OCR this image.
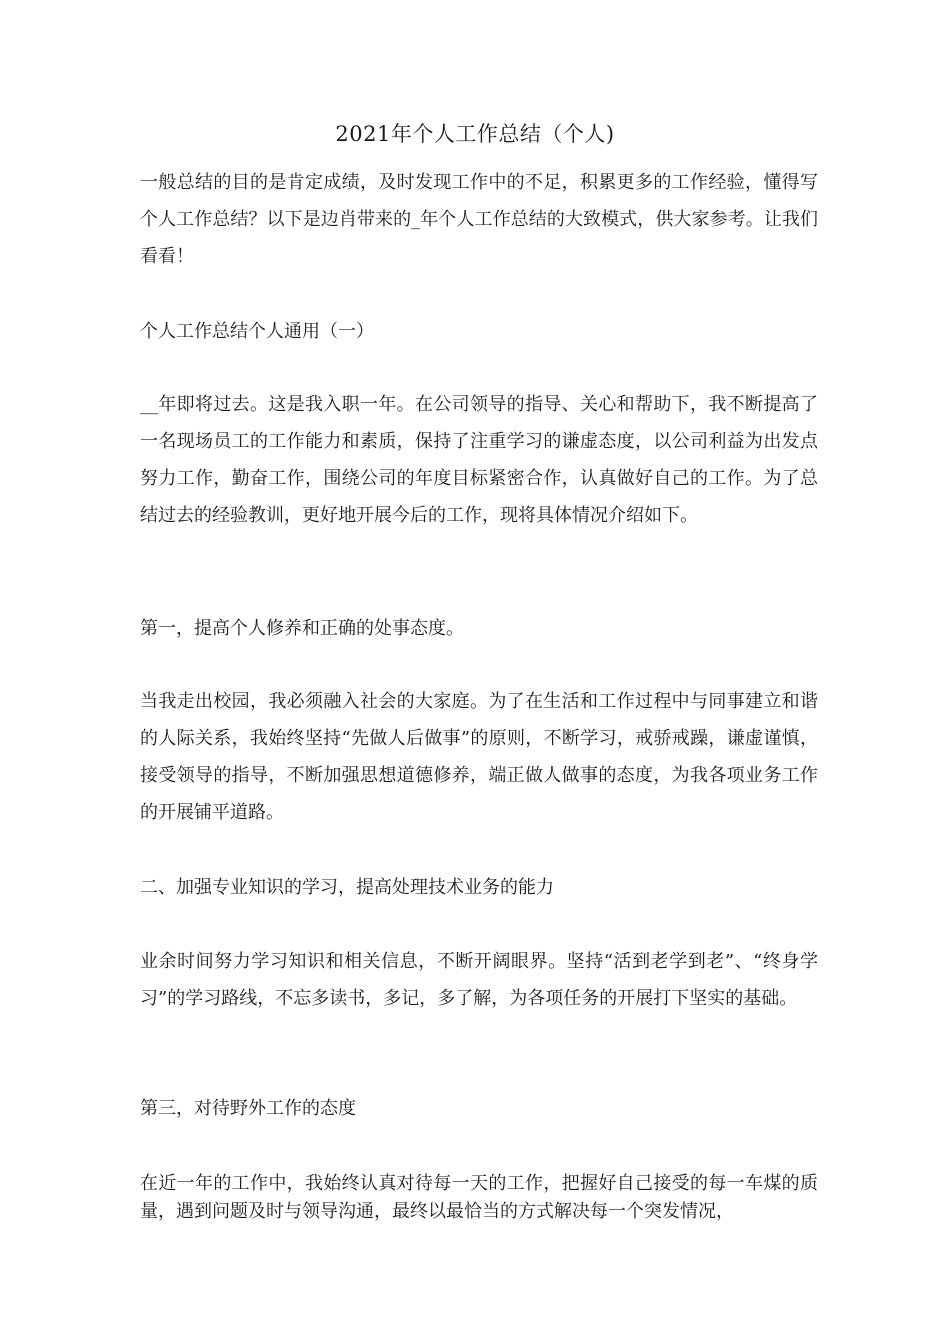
2021年个人工作总结（个人)

一般总结的目的是肯定成绩，及时发现工作中的不足，积累更多的工作经验，懂得写个人工作总结？以下是边肖带来的_年个人工作总结的大致模式，供大家参考。让我们看看！

个人工作总结个人通用（一）

__年即将过去。这是我入职一年。在公司领导的指导、关心和帮助下，我不断提高了一名现场员工的工作能力和素质，保持了注重学习的谦虚态度，以公司利益为出发点努力工作，勤奋工作，围绕公司的年度目标紧密合作，认真做好自己的工作。为了总结过去的经验教训，更好地开展今后的工作，现将具体情况介绍如下。

第一，提高个人修养和正确的处事态度。

当我走出校园，我必须融入社会的大家庭。为了在生活和工作过程中与同事建立和谐的人际关系，我始终坚持“先做人后做事”的原则，不断学习，戒骄戒躁，谦虚谨慎，接受领导的指导，不断加强思想道德修养，端正做人做事的态度，为我各项业务工作的开展铺平道路。

二、加强专业知识的学习，提高处理技术业务的能力

业余时间努力学习知识和相关信息，不断开阔眼界。坚持“活到老学到老”、“终身学习”的学习路线，不忘多读书，多记，多了解，为各项任务的开展打下坚实的基础。

第三，对待野外工作的态度

在近一年的工作中，我始终认真对待每一天的工作，把握好自己接受的每一车煤的质量，遇到问题及时与领导沟通，最终以最恰当的方式解决每一个突发情况，
